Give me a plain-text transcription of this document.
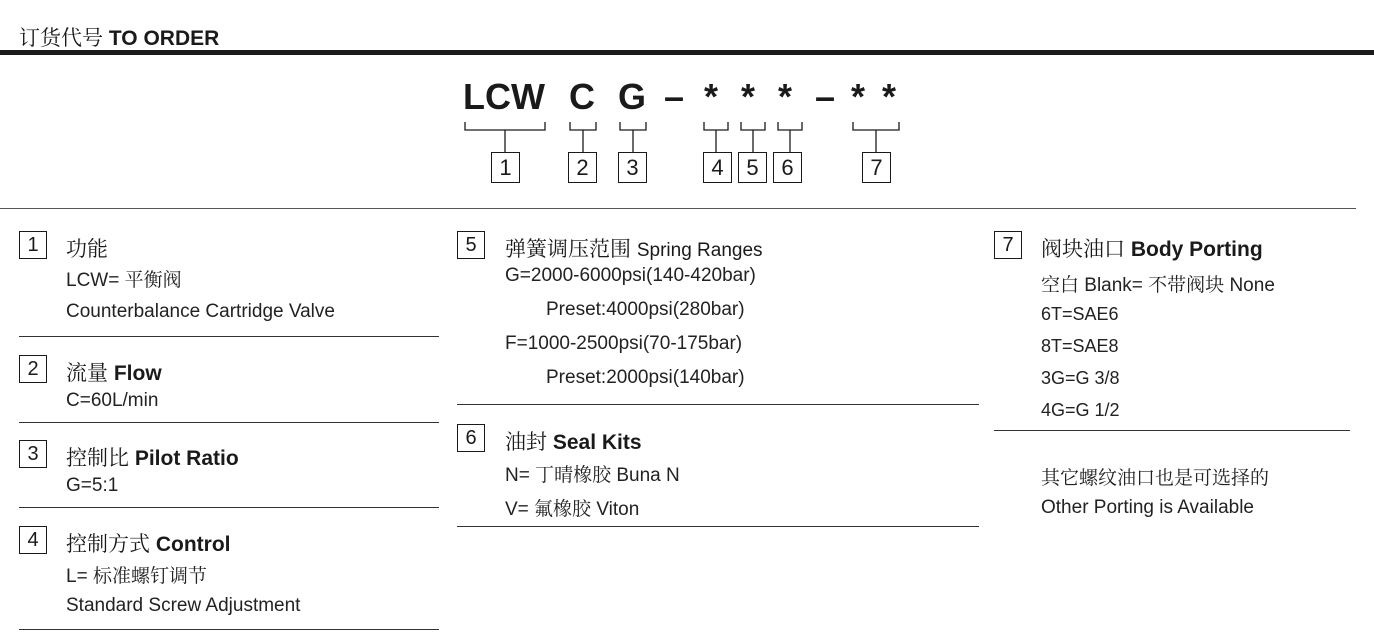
订货代号 TO ORDER
LCW C G – * * * – * *
1	2	3	4	5	6	7
1	功能
LCW= 平衡阀
Counterbalance Cartridge Valve
2	流量 Flow
C=60L/min
3	控制比 Pilot Ratio
G=5:1
4	控制方式 Control
L= 标准螺钉调节
Standard Screw Adjustment
5	弹簧调压范围 Spring Ranges
G=2000-6000psi(140-420bar)
Preset:4000psi(280bar)
F=1000-2500psi(70-175bar)
Preset:2000psi(140bar)
6	油封 Seal Kits
N= 丁晴橡胶 Buna N
V= 氟橡胶 Viton
7	阀块油口 Body Porting
空白 Blank= 不带阀块 None
6T=SAE6
8T=SAE8
3G=G 3/8
4G=G 1/2
其它螺纹油口也是可选择的
Other Porting is Available
